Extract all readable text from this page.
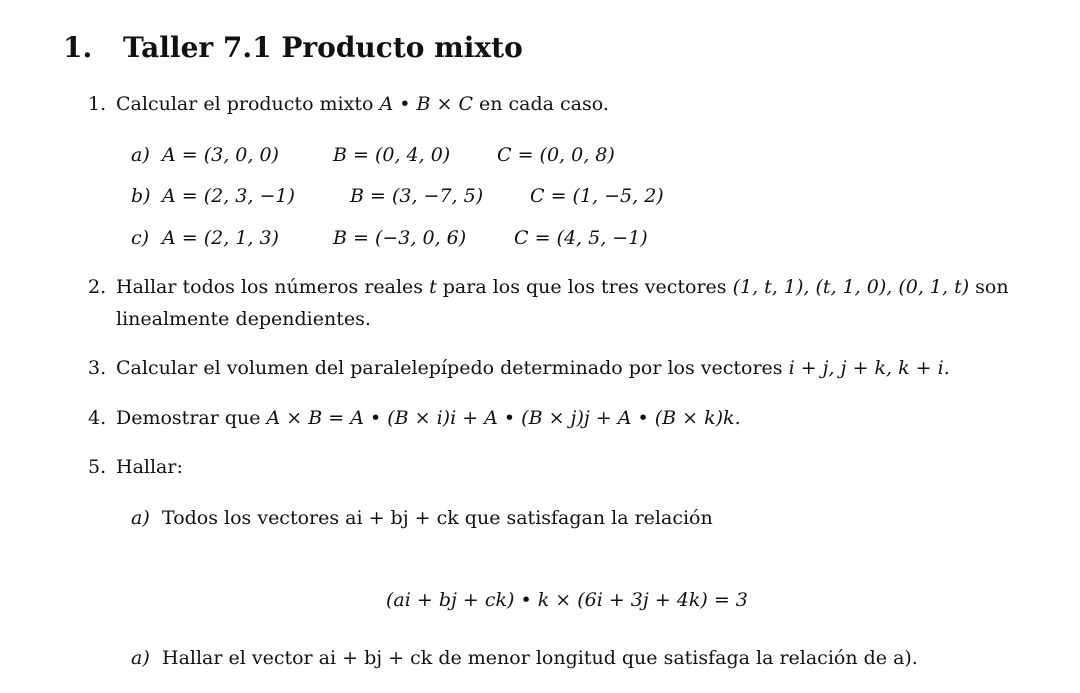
1. Taller 7.1 Producto mixto
1. Calcular el producto mixto A • B × C en cada caso.
a) A = (3, 0, 0)	B = (0, 4, 0) C = (0, 0, 8)
b) A = (2, 3, −1)	B = (3, −7, 5) C = (1, −5, 2)
c) A = (2, 1, 3)	B = (−3, 0, 6)	C = (4, 5, −1)
2. Hallar todos los números reales t para los que los tres vectores (1, t, 1), (t, 1, 0), (0, 1, t) son
linealmente dependientes.
3. Calcular el volumen del paralelepípedo determinado por los vectores i + j, j + k, k + i.
4. Demostrar que A × B = A • (B × i)i + A • (B × j)j + A • (B × k)k.
5. Hallar:
a) Todos los vectores ai + bj + ck que satisfagan la relación
(ai + bj + ck) • k × (6i + 3j + 4k) = 3
a) Hallar el vector ai + bj + ck de menor longitud que satisfaga la relación de a).
